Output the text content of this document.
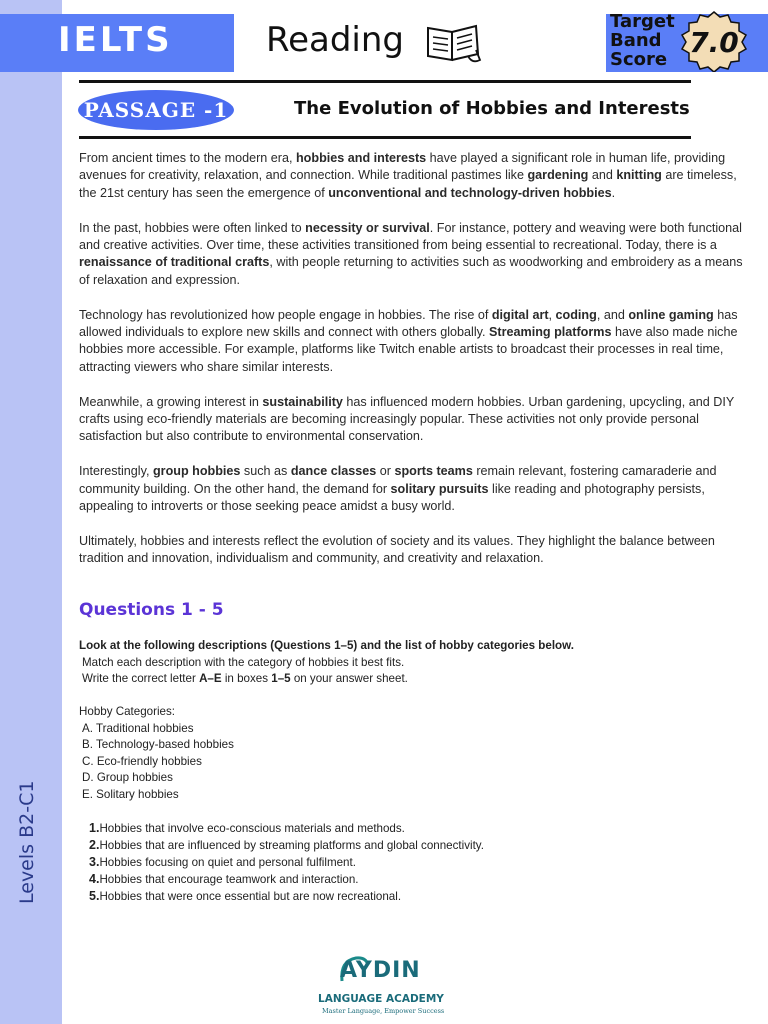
Levels B2-C1
IELTS	Reading	Target
Band
Score
7.0
PASSAGE -1	The Evolution of Hobbies and Interests

From ancient times to the modern era, hobbies and interests have played a significant role in human life, providing avenues for creativity, relaxation, and connection. While traditional pastimes like gardening and knitting are timeless, the 21st century has seen the emergence of unconventional and technology-driven hobbies.

In the past, hobbies were often linked to necessity or survival. For instance, pottery and weaving were both functional and creative activities. Over time, these activities transitioned from being essential to recreational. Today, there is a renaissance of traditional crafts, with people returning to activities such as woodworking and embroidery as a means of relaxation and expression.

Technology has revolutionized how people engage in hobbies. The rise of digital art, coding, and online gaming has allowed individuals to explore new skills and connect with others globally. Streaming platforms have also made niche hobbies more accessible. For example, platforms like Twitch enable artists to broadcast their processes in real time, attracting viewers who share similar interests.

Meanwhile, a growing interest in sustainability has influenced modern hobbies. Urban gardening, upcycling, and DIY crafts using eco-friendly materials are becoming increasingly popular. These activities not only provide personal satisfaction but also contribute to environmental conservation.

Interestingly, group hobbies such as dance classes or sports teams remain relevant, fostering camaraderie and community building. On the other hand, the demand for solitary pursuits like reading and photography persists, appealing to introverts or those seeking peace amidst a busy world.

Ultimately, hobbies and interests reflect the evolution of society and its values. They highlight the balance between tradition and innovation, individualism and community, and creativity and relaxation.

Questions 1 - 5
Look at the following descriptions (Questions 1–5) and the list of hobby categories below.
Match each description with the category of hobbies it best fits.
Write the correct letter A–E in boxes 1–5 on your answer sheet.
Hobby Categories:
A. Traditional hobbies
B. Technology-based hobbies
C. Eco-friendly hobbies
D. Group hobbies
E. Solitary hobbies
1.Hobbies that involve eco-conscious materials and methods.
2.Hobbies that are influenced by streaming platforms and global connectivity.
3.Hobbies focusing on quiet and personal fulfilment.
4.Hobbies that encourage teamwork and interaction.
5.Hobbies that were once essential but are now recreational.
AYDIN
LANGUAGE ACADEMY
Master Language, Empower Success
